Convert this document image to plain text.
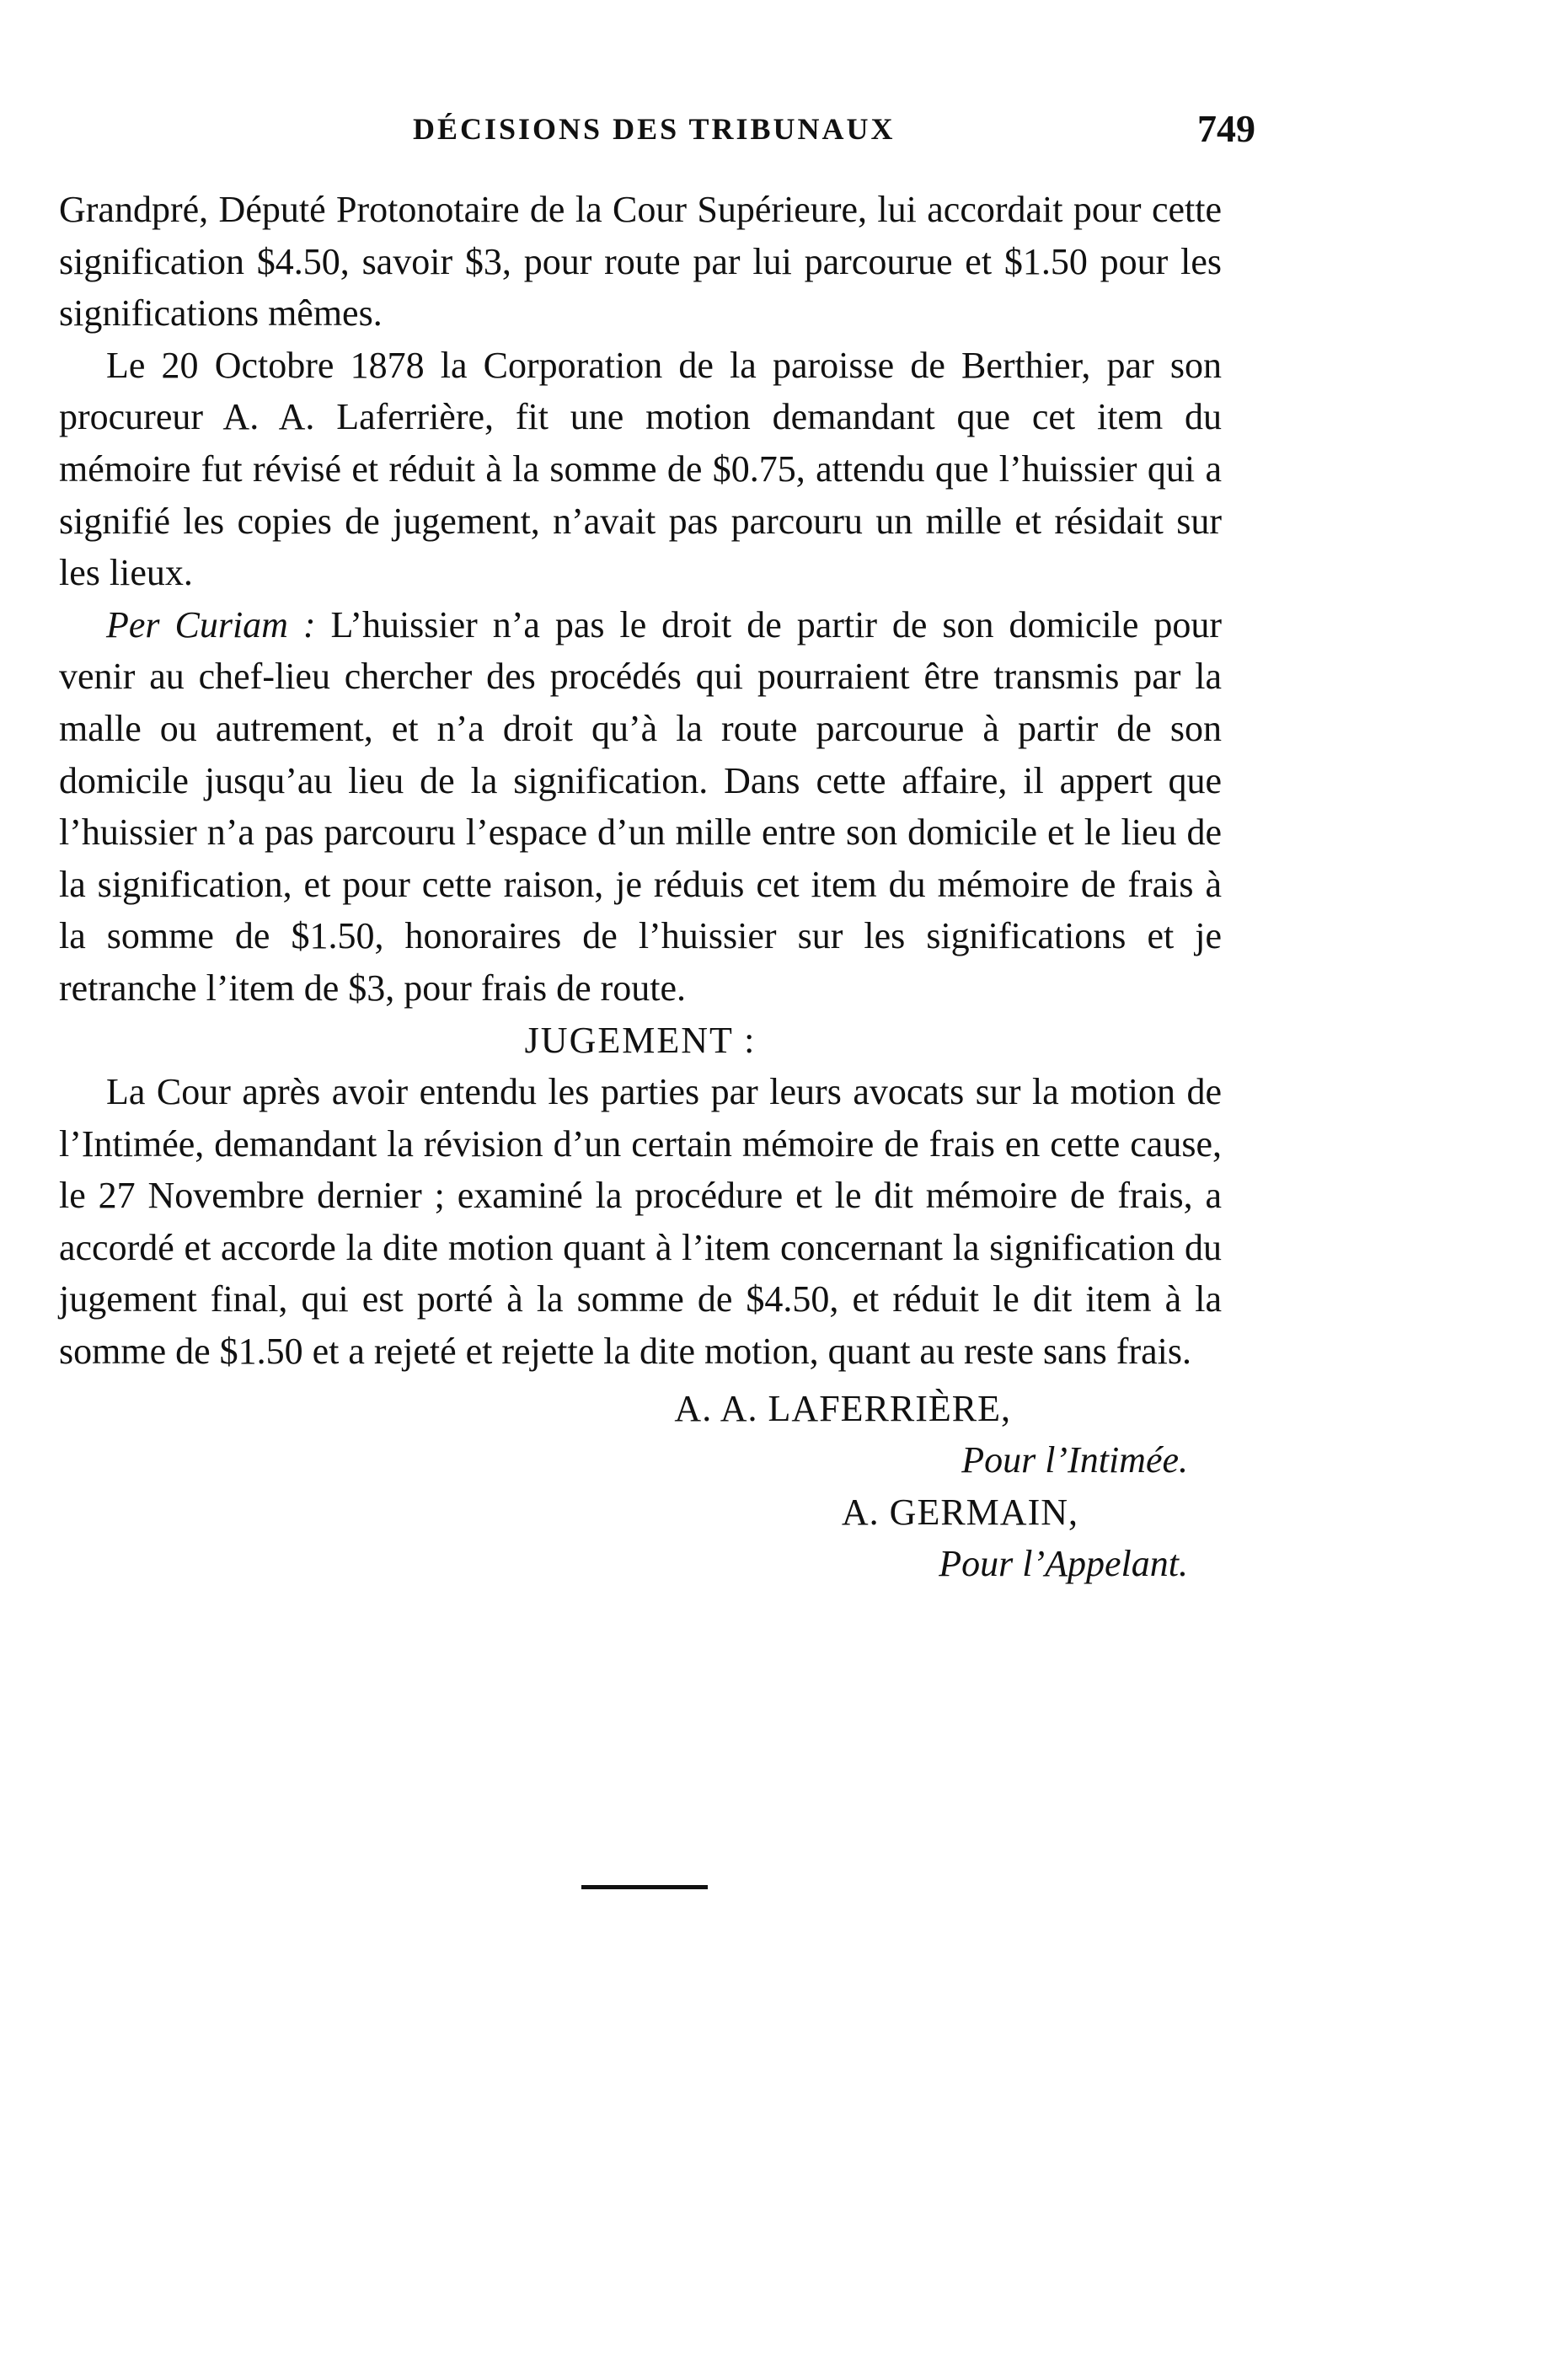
DÉCISIONS DES TRIBUNAUX	749

Grandpré, Député Protonotaire de la Cour Supérieure, lui accordait pour cette signification $4.50, savoir $3, pour route par lui parcourue et $1.50 pour les significations mêmes.

Le 20 Octobre 1878 la Corporation de la paroisse de Berthier, par son procureur A. A. Laferrière, fit une motion demandant que cet item du mémoire fut révisé et réduit à la somme de $0.75, attendu que l’huissier qui a signifié les copies de jugement, n’avait pas parcouru un mille et résidait sur les lieux.

Per Curiam : L’huissier n’a pas le droit de partir de son domicile pour venir au chef-lieu chercher des procédés qui pourraient être transmis par la malle ou autrement, et n’a droit qu’à la route parcourue à partir de son domicile jusqu’au lieu de la signification. Dans cette affaire, il appert que l’huissier n’a pas parcouru l’espace d’un mille entre son domicile et le lieu de la signification, et pour cette raison, je réduis cet item du mémoire de frais à la somme de $1.50, honoraires de l’huissier sur les significations et je retranche l’item de $3, pour frais de route.

JUGEMENT :

La Cour après avoir entendu les parties par leurs avocats sur la motion de l’Intimée, demandant la révision d’un certain mémoire de frais en cette cause, le 27 Novembre dernier ; examiné la procédure et le dit mémoire de frais, a accordé et accorde la dite motion quant à l’item concernant la signification du jugement final, qui est porté à la somme de $4.50, et réduit le dit item à la somme de $1.50 et a rejeté et rejette la dite motion, quant au reste sans frais.

A. A. LAFERRIÈRE,

Pour l’Intimée.

A. GERMAIN,

Pour l’Appelant.
